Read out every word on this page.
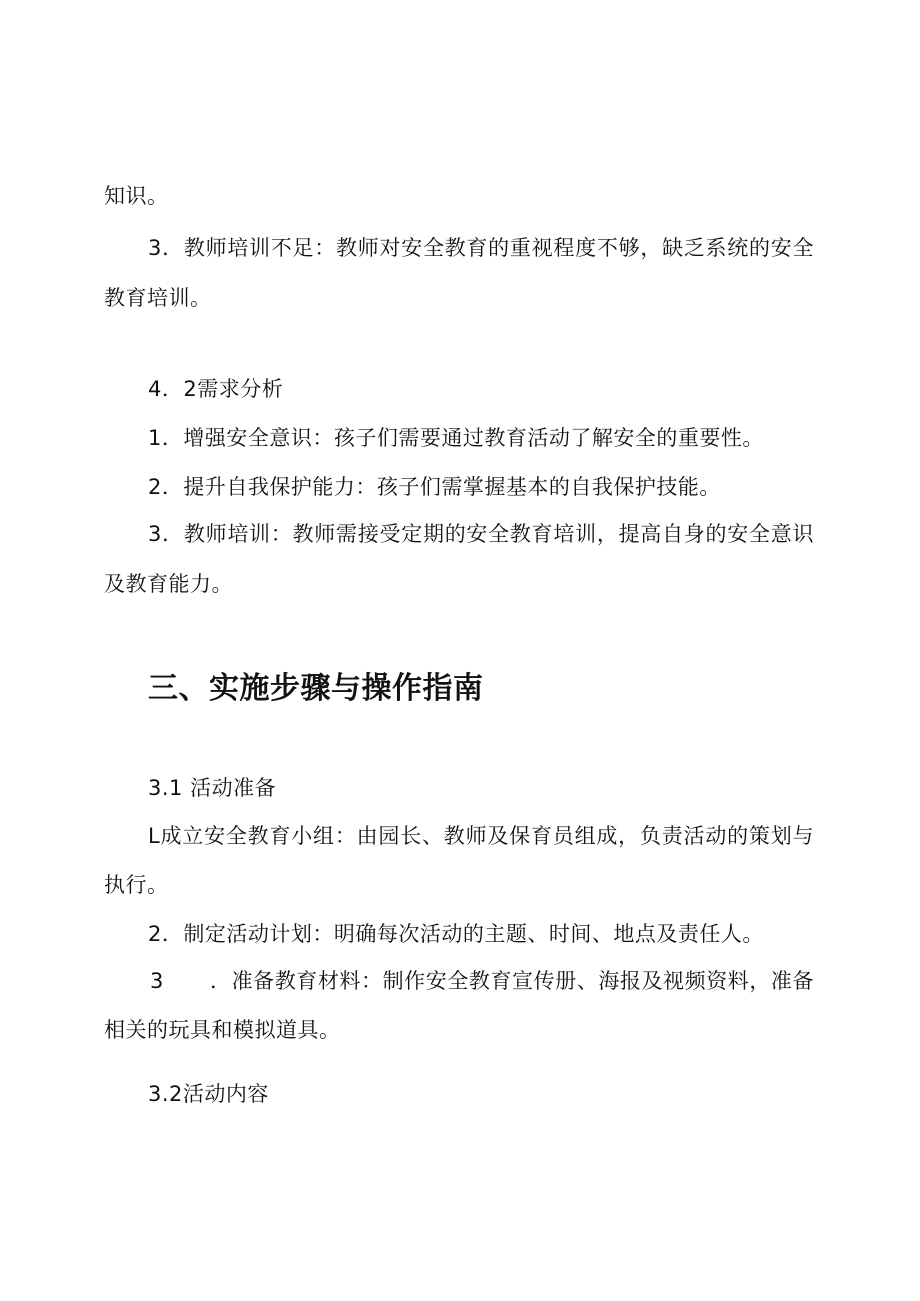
知识。
3．教师培训不足：教师对安全教育的重视程度不够，缺乏系统的安全
教育培训。
4．2需求分析
1．增强安全意识：孩子们需要通过教育活动了解安全的重要性。
2．提升自我保护能力：孩子们需掌握基本的自我保护技能。
3．教师培训：教师需接受定期的安全教育培训，提高自身的安全意识
及教育能力。
三、实施步骤与操作指南
3.1 活动准备
L成立安全教育小组：由园长、教师及保育员组成，负责活动的策划与
执行。
2．制定活动计划：明确每次活动的主题、时间、地点及责任人。
3 ．准备教育材料：制作安全教育宣传册、海报及视频资料，准备
相关的玩具和模拟道具。
3.2活动内容
